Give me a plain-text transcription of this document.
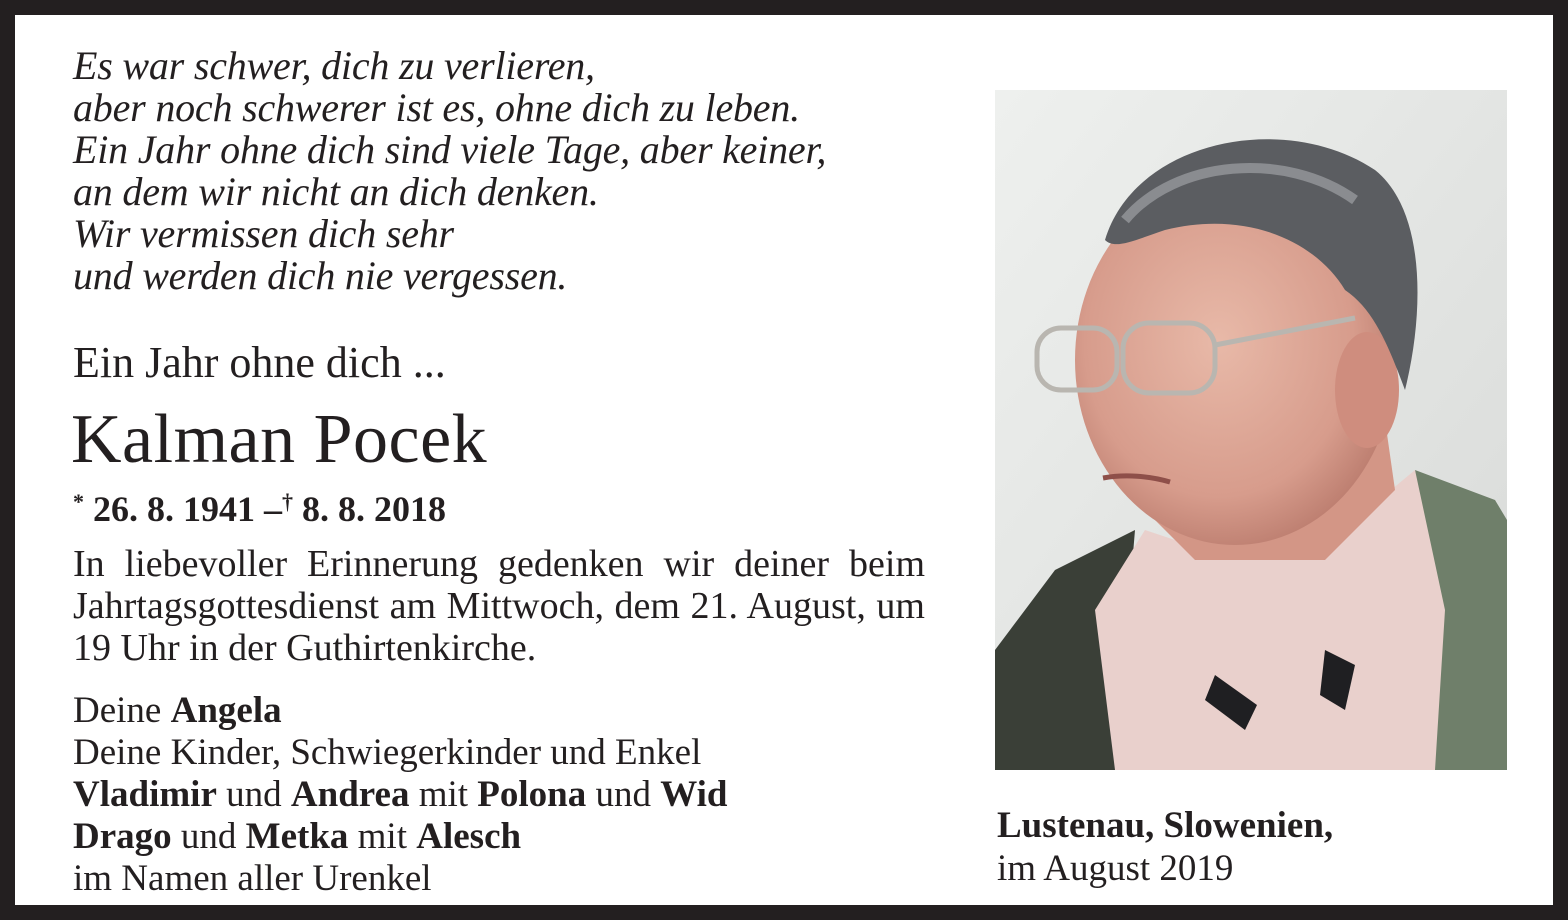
Es war schwer, dich zu verlieren,
aber noch schwerer ist es, ohne dich zu leben.
Ein Jahr ohne dich sind viele Tage, aber keiner,
an dem wir nicht an dich denken.
Wir vermissen dich sehr
und werden dich nie vergessen.
Ein Jahr ohne dich ...
Kalman Pocek
* 26. 8. 1941 –† 8. 8. 2018
In liebevoller Erinnerung gedenken wir deiner beim Jahrtagsgottesdienst am Mittwoch, dem 21. August, um 19 Uhr in der Guthirtenkirche.
Deine Angela
Deine Kinder, Schwiegerkinder und Enkel
Vladimir und Andrea mit Polona und Wid
Drago und Metka mit Alesch
im Namen aller Urenkel
Lustenau, Slowenien,
im August 2019
